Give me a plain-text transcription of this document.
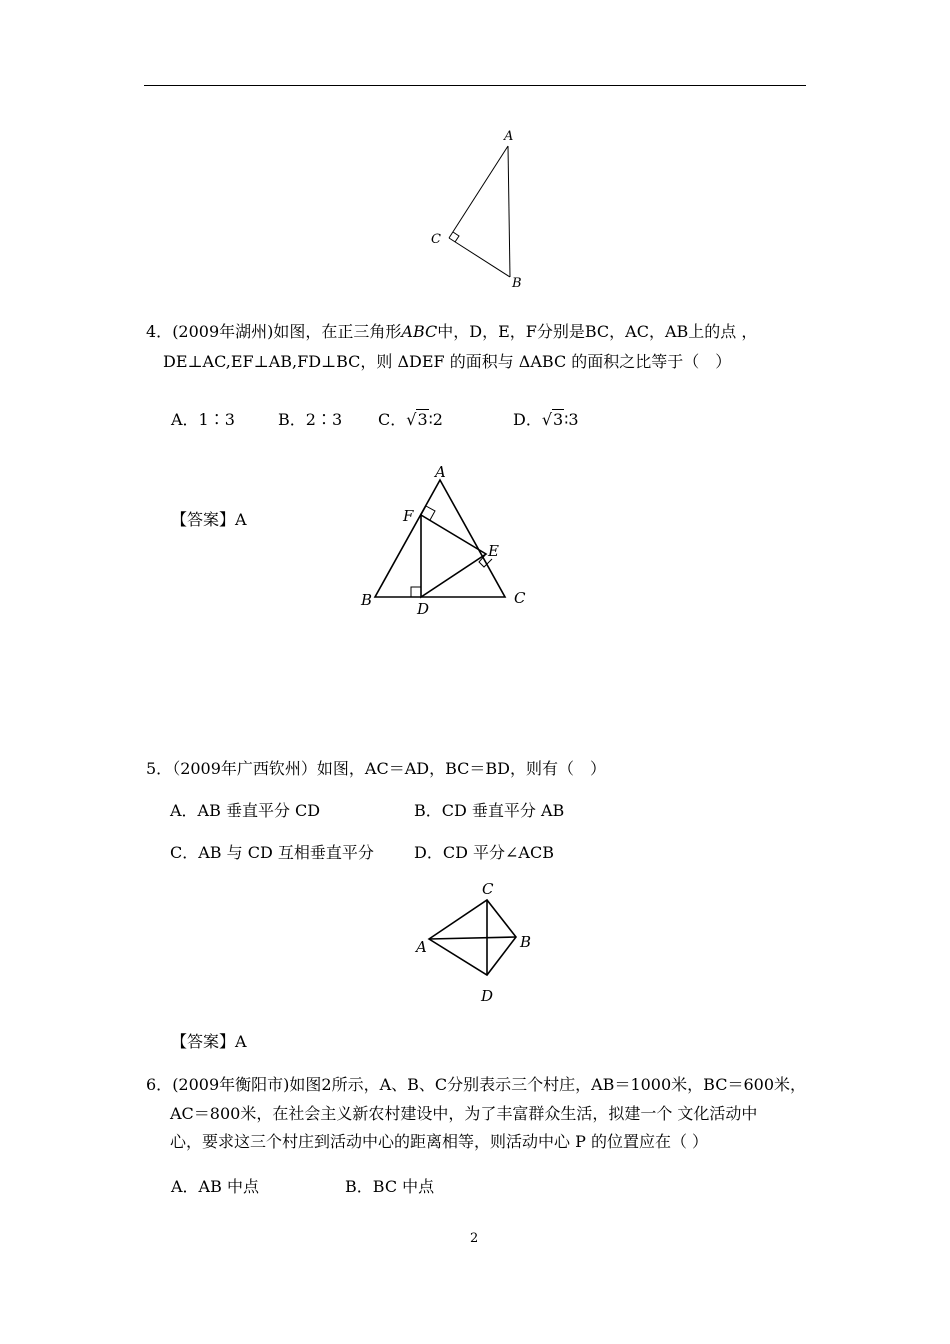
A
C
B
4．(2009年湖州)如图，在正三角形ABC中，D，E，F分别是BC，AC，AB上的点 ，
DE⊥AC,EF⊥AB,FD⊥BC，则 ΔDEF 的面积与 ΔABC 的面积之比等于（　）
A．1∶3	B．2∶3 C．√3∶2	D．√3∶3
【答案】A
A
F
E
B	C
D
5．（2009年广西钦州）如图，AC＝AD，BC＝BD，则有（　）
A．AB 垂直平分 CD	B．CD 垂直平分 AB
C．AB 与 CD 互相垂直平分	D．CD 平分∠ACB
C
A	B
D
【答案】A
6．(2009年衡阳市)如图2所示，A、B、C分别表示三个村庄，AB＝1000米，BC＝600米，
AC＝800米，在社会主义新农村建设中，为了丰富群众生活，拟建一个 文化活动中
心，要求这三个村庄到活动中心的距离相等，则活动中心 P 的位置应在（ ）
A．AB 中点	B．BC 中点
2
